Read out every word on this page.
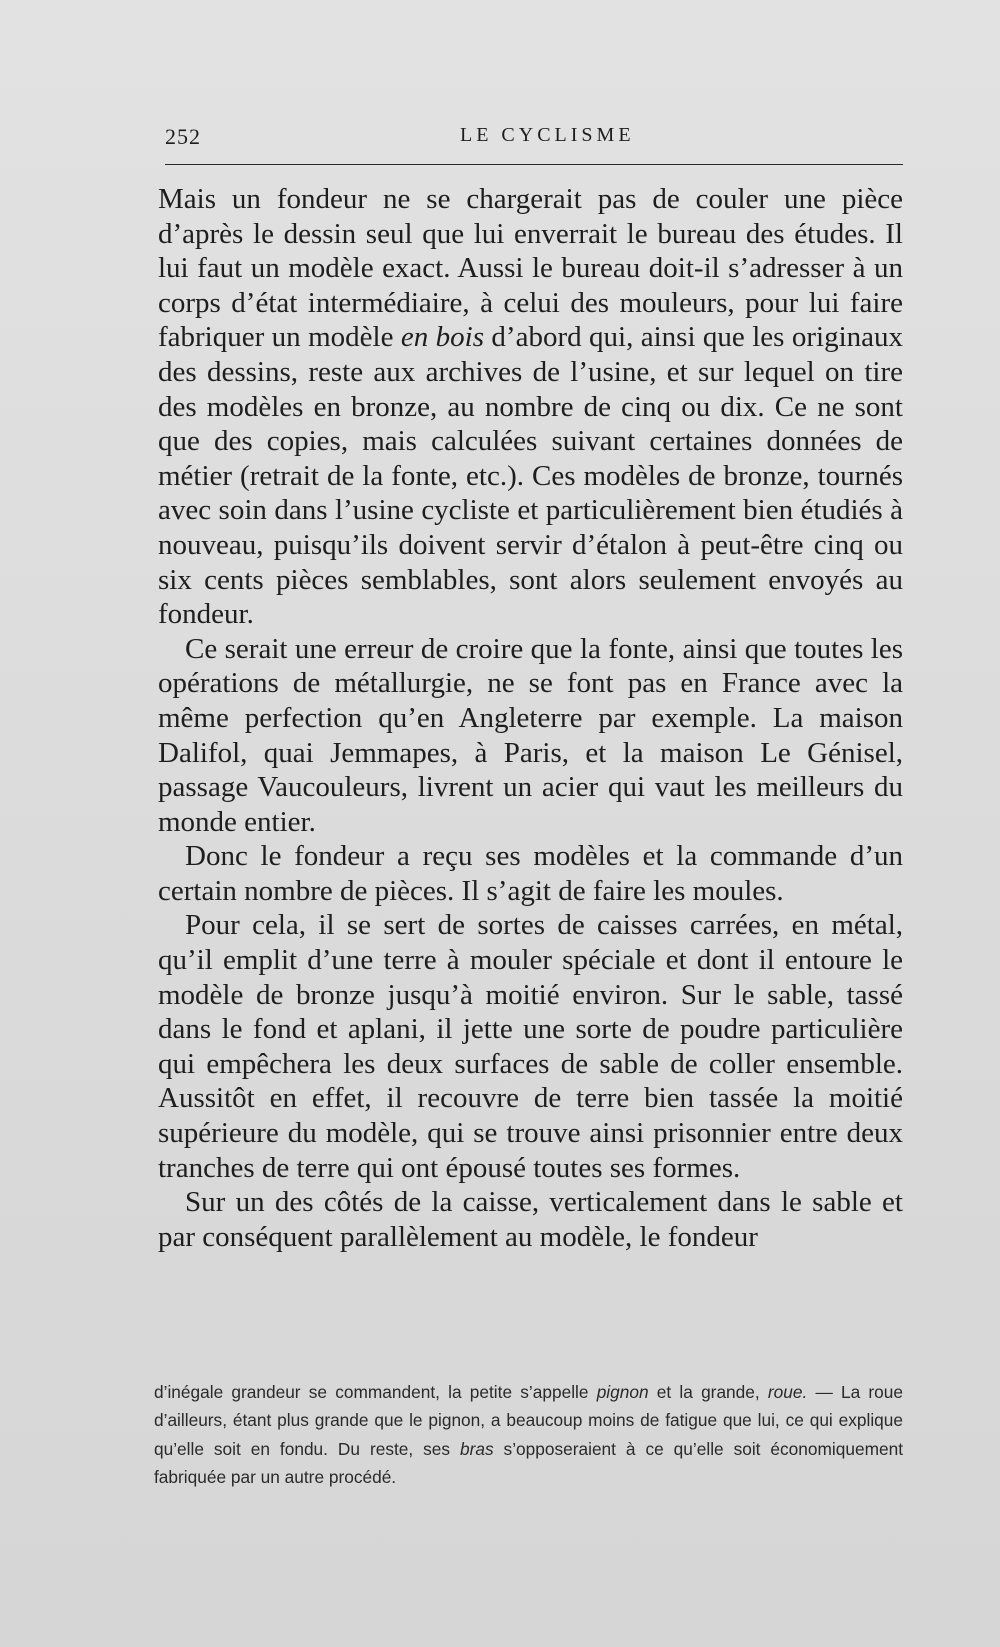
252	LE CYCLISME

Mais un fondeur ne se chargerait pas de couler une pièce d’après le dessin seul que lui enverrait le bureau des études. Il lui faut un modèle exact. Aussi le bureau doit-il s’adresser à un corps d’état intermédiaire, à celui des mouleurs, pour lui faire fabriquer un modèle en bois d’abord qui, ainsi que les originaux des dessins, reste aux archives de l’usine, et sur lequel on tire des modèles en bronze, au nombre de cinq ou dix. Ce ne sont que des copies, mais calculées suivant certaines données de métier (retrait de la fonte, etc.). Ces modèles de bronze, tournés avec soin dans l’usine cycliste et particulièrement bien étudiés à nouveau, puisqu’ils doivent servir d’étalon à peut-être cinq ou six cents pièces semblables, sont alors seulement envoyés au fondeur.

Ce serait une erreur de croire que la fonte, ainsi que toutes les opérations de métallurgie, ne se font pas en France avec la même perfection qu’en Angleterre par exemple. La maison Dalifol, quai Jemmapes, à Paris, et la maison Le Génisel, passage Vaucouleurs, livrent un acier qui vaut les meilleurs du monde entier.

Donc le fondeur a reçu ses modèles et la commande d’un certain nombre de pièces. Il s’agit de faire les moules.

Pour cela, il se sert de sortes de caisses carrées, en métal, qu’il emplit d’une terre à mouler spéciale et dont il entoure le modèle de bronze jusqu’à moitié environ. Sur le sable, tassé dans le fond et aplani, il jette une sorte de poudre particulière qui empêchera les deux surfaces de sable de coller ensemble. Aussitôt en effet, il recouvre de terre bien tassée la moitié supérieure du modèle, qui se trouve ainsi prisonnier entre deux tranches de terre qui ont épousé toutes ses formes.

Sur un des côtés de la caisse, verticalement dans le sable et par conséquent parallèlement au modèle, le fondeur

d’inégale grandeur se commandent, la petite s’appelle pignon et la grande, roue. — La roue d’ailleurs, étant plus grande que le pignon, a beaucoup moins de fatigue que lui, ce qui explique qu’elle soit en fondu. Du reste, ses bras s’opposeraient à ce qu’elle soit économiquement fabriquée par un autre procédé.
